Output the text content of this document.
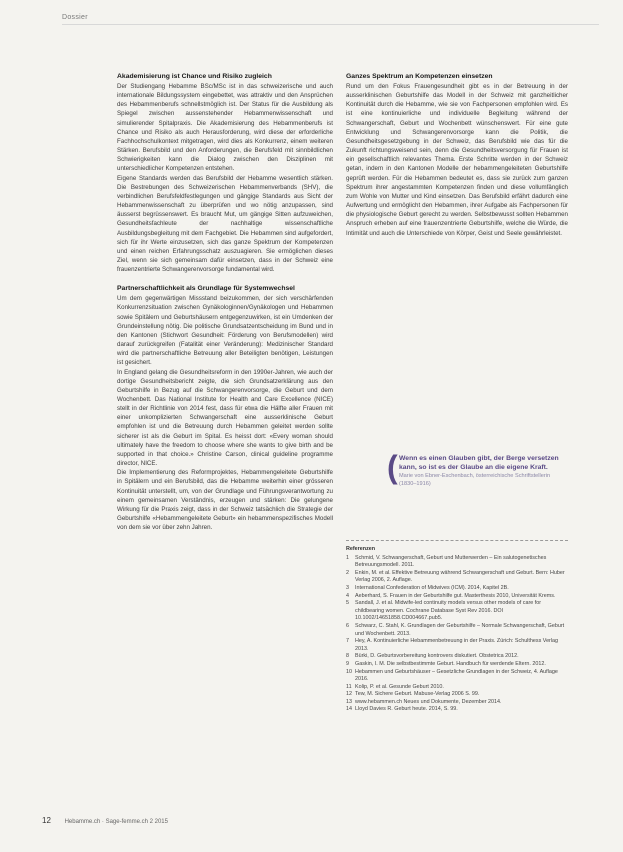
Dossier
Akademisierung ist Chance und Risiko zugleich

Der Studiengang Hebamme BSc/MSc ist in das schweizerische und auch internationale Bildungssystem eingebettet, was attraktiv und den Ansprüchen des Hebammenberufs schnellstmöglich ist. Der Status für die Ausbildung als Spiegel zwischen aussenstehender Hebammenwissenschaft und simulierender Spitalpraxis. Die Akademisierung des Hebammenberufs ist Chance und Risiko als auch Herausforderung, wird diese der erforderliche Fachhochschulkontext mitgetragen, wird dies als Konkurrenz, einem weiteren Stärken. Berufsbild und den Anforderungen, die Berufsfeld mit sinnbildlichen Schwierigkeiten kann die Dialog zwischen den Disziplinen mit unterschiedlicher Kompetenzen entstehen.

Eigene Standards werden das Berufsbild der Hebamme wesentlich stärken. Die Bestrebungen des Schweizerischen Hebammenverbands (SHV), die verbindlichen Berufsfeldfestlegungen und gängige Standards aus Sicht der Hebammenwissenschaft zu überprüfen und wo nötig anzupassen, sind äusserst begrüssenswert. Es braucht Mut, um gängige Sitten aufzuweichen, Gesundheitsfachleute der nachhaltige wissenschaftliche Ausbildungsbegleitung mit dem Fachgebiet. Die Hebammen sind aufgefordert, sich für ihr Werte einzusetzen, sich das ganze Spektrum der Kompetenzen und einen reichen Erfahrungsschatz auszuagieren. Sie ermöglichen dieses Ziel, wenn sie sich gemeinsam dafür einsetzen, dass in der Schweiz eine frauenzentrierte Schwangerenvorsorge fundamental wird.

Partnerschaftlichkeit als Grundlage für Systemwechsel

Um dem gegenwärtigen Missstand beizukommen, der sich verschärfenden Konkurrenzsituation zwischen Gynäkologinnen/Gynäkologen und Hebammen sowie Spitälern und Geburtshäusern entgegenzuwirken, ist ein Umdenken der Grundeinstellung nötig. Die politische Grundsatzentscheidung im Bund und in den Kantonen (Stichwort Gesundheit: Förderung von Berufsmodellen) wird darauf zurückgreifen (Fatalität einer Veränderung): Medizinischer Standard wird die partnerschaftliche Betreuung aller Beteiligten benötigen, Leistungen ist gesichert.

In England gelang die Gesundheitsreform in den 1990er-Jahren, wie auch der dortige Gesundheitsbericht zeigte, die sich Grundsatzerklärung aus den Geburtshilfe in Bezug auf die Schwangerenvorsorge, die Geburt und dem Wochenbett. Das National Institute for Health and Care Excellence (NICE) stellt in der Richtlinie von 2014 fest, dass für etwa die Hälfte aller Frauen mit einer unkomplizierten Schwangerschaft eine ausserklinische Geburt empfohlen ist und die Betreuung durch Hebammen geleitet werden sollte sicherer ist als die Geburt im Spital. Es heisst dort: «Every woman should ultimately have the freedom to choose where she wants to give birth and be supported in that choice.» Christine Carson, clinical guideline programme director, NICE.

Die Implementierung des Reformprojektes, Hebammengeleitete Geburtshilfe in Spitälern und ein Berufsbild, das die Hebamme weiterhin einer grösseren Kontinuität unterstellt, um, von der Grundlage und Führungsverantwortung zu einem gemeinsamen Verständnis, erzeugen und stärken: Die gelungene Wirkung für die Praxis zeigt, dass in der Schweiz tatsächlich die Strategie der Geburtshilfe «Hebammengeleitete Geburt» ein hebammenspezifisches Modell von dem sie vor über zehn Jahren.

Ganzes Spektrum an Kompetenzen einsetzen

Rund um den Fokus Frauengesundheit gibt es in der Betreuung in der ausserklinischen Geburtshilfe das Modell in der Schweiz mit ganzheitlicher Kontinuität durch die Hebamme, wie sie von Fachpersonen empfohlen wird. Es ist eine kontinuierliche und individuelle Begleitung während der Schwangerschaft, Geburt und Wochenbett wünschenswert. Für eine gute Entwicklung und Schwangerenvorsorge kann die Politik, die Gesundheitsgesetzgebung in der Schweiz, das Berufsbild wie das für die Zukunft richtungsweisend sein, denn die Gesundheitsversorgung für Frauen ist ein gesellschaftlich relevantes Thema. Erste Schritte werden in der Schweiz getan, indem in den Kantonen Modelle der hebammengeleiteten Geburtshilfe geprüft werden. Für die Hebammen bedeutet es, dass sie zurück zum ganzen Spektrum ihrer angestammten Kompetenzen finden und diese vollumfänglich zum Wohle von Mutter und Kind einsetzen. Das Berufsbild erfährt dadurch eine Aufwertung und ermöglicht den Hebammen, ihrer Aufgabe als Fachpersonen für die physiologische Geburt gerecht zu werden. Selbstbewusst sollten Hebammen Anspruch erheben auf eine frauenzentrierte Geburtshilfe, welche die Würde, die Intimität und auch die Unterschiede von Körper, Geist und Seele gewährleistet.

( Wenn es einen Glauben gibt, der Berge versetzen kann, so ist es der Glaube an die eigene Kraft.
Marie von Ebner-Eschenbach, österreichische Schriftstellerin (1830–1916)
Referenzen
1 Schmid, V. Schwangerschaft, Geburt und Mutterwerden – Ein salutogenetisches Betreuungsmodell. 2011.
2 Enkin, M. et al. Effektive Betreuung während Schwangerschaft und Geburt. Bern: Huber Verlag 2006, 2. Auflage.
3 International Confederation of Midwives (ICM). 2014, Kapitel 2B.
4 Aeberhard, S. Frauen in der Geburtshilfe gut. Masterthesis 2010, Universität Krems.
5 Sandall, J. et al. Midwife-led continuity models versus other models of care for childbearing women. Cochrane Database Syst Rev 2016. DOI 10.1002/14651858.CD004667.pub5.
6 Schwarz, C. Stahl, K. Grundlagen der Geburtshilfe – Normale Schwangerschaft, Geburt und Wochenbett. 2013.
7 Hey, A. Kontinuierliche Hebammenbetreuung in der Praxis. Zürich: Schulthess Verlag 2013.
8 Bürki, D. Geburtsvorbereitung kontrovers diskutiert. Obstetrica 2012.
9 Gaskin, I. M. Die selbstbestimmte Geburt. Handbuch für werdende Eltern. 2012.
10 Hebammen und Geburtshäuser – Gesetzliche Grundlagen in der Schweiz, 4. Auflage 2016.
11 Kolip, P. et al. Gesunde Geburt 2010.
12 Tew, M. Sichere Geburt. Mabuse-Verlag 2006 S. 99.
13 www.hebammen.ch Neues und Dokumente, Dezember 2014.
14 Lloyd Davies R. Geburt heute. 2014, S. 99.
12 Hebamme.ch · Sage-femme.ch 2 2015
